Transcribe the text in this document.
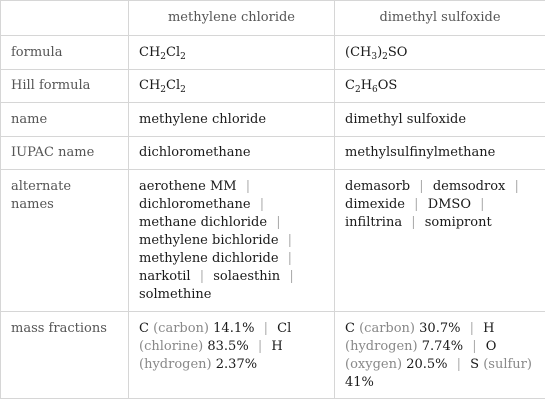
	methylene chloride	dimethyl sulfoxide
formula	$CH_2Cl_2$	$(CH_3)_2SO$
Hill formula	$CH_2Cl_2$	$C_2H_6OS$
name	methylene chloride	dimethyl sulfoxide
IUPAC name	dichloromethane	methylsulfinylmethane
alternate names	aerothene MM | dichloromethane | methane dichloride | methylene bichloride | methylene dichloride | narkotil | solaesthin | solmethine	demasorb | demsodrox | dimexide | DMSO | infiltrina | somipront
mass fractions	C (carbon) 14.1% | Cl (chlorine) 83.5% | H (hydrogen) 2.37%	C (carbon) 30.7% | H (hydrogen) 7.74% | O (oxygen) 20.5% | S (sulfur) 41%
